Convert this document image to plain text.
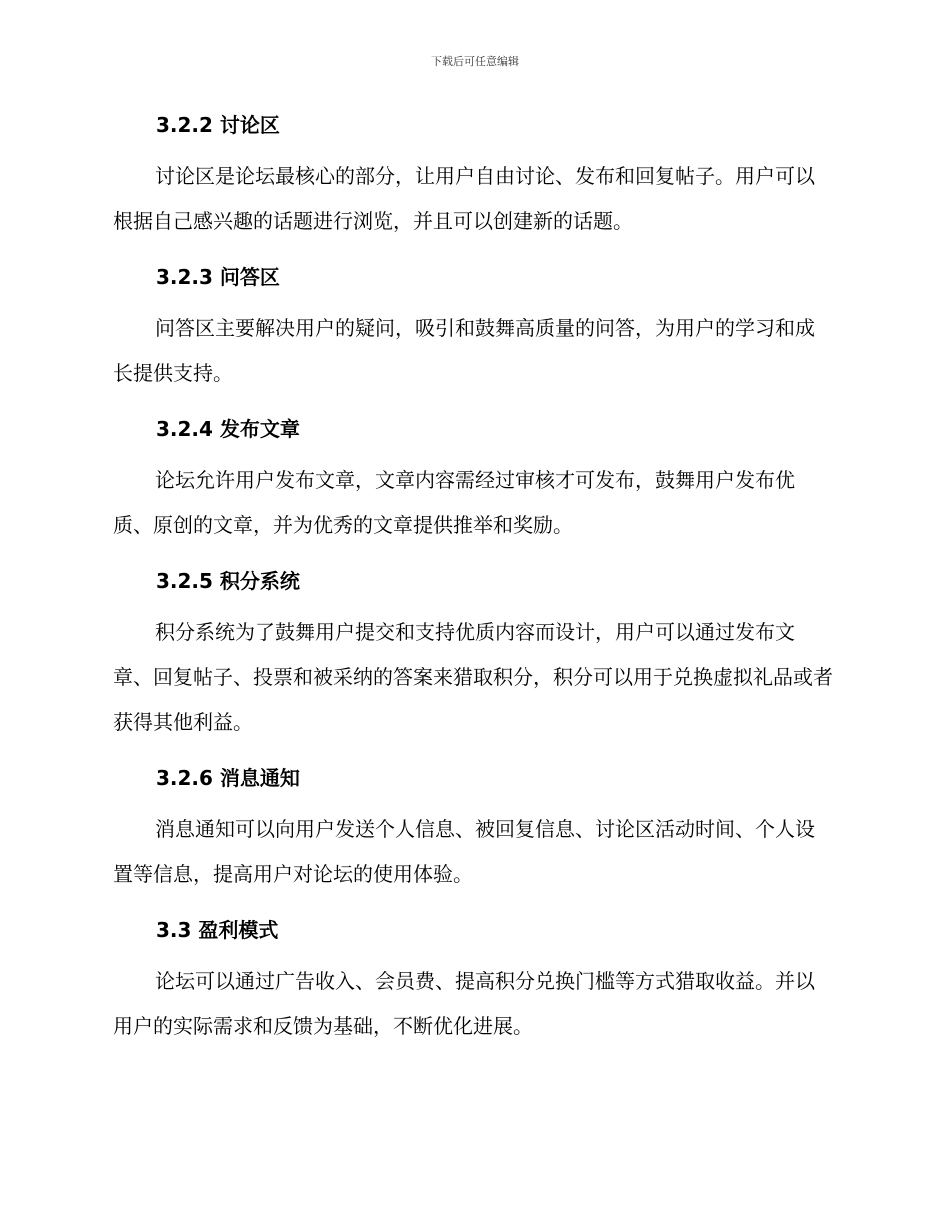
下载后可任意编辑
3.2.2 讨论区

讨论区是论坛最核心的部分，让用户自由讨论、发布和回复帖子。用户可以根据自己感兴趣的话题进行浏览，并且可以创建新的话题。

3.2.3 问答区

问答区主要解决用户的疑问，吸引和鼓舞高质量的问答，为用户的学习和成长提供支持。

3.2.4 发布文章

论坛允许用户发布文章，文章内容需经过审核才可发布，鼓舞用户发布优质、原创的文章，并为优秀的文章提供推举和奖励。

3.2.5 积分系统

积分系统为了鼓舞用户提交和支持优质内容而设计，用户可以通过发布文章、回复帖子、投票和被采纳的答案来猎取积分，积分可以用于兑换虚拟礼品或者获得其他利益。

3.2.6 消息通知

消息通知可以向用户发送个人信息、被回复信息、讨论区活动时间、个人设置等信息，提高用户对论坛的使用体验。

3.3 盈利模式

论坛可以通过广告收入、会员费、提高积分兑换门槛等方式猎取收益。并以用户的实际需求和反馈为基础，不断优化进展。
